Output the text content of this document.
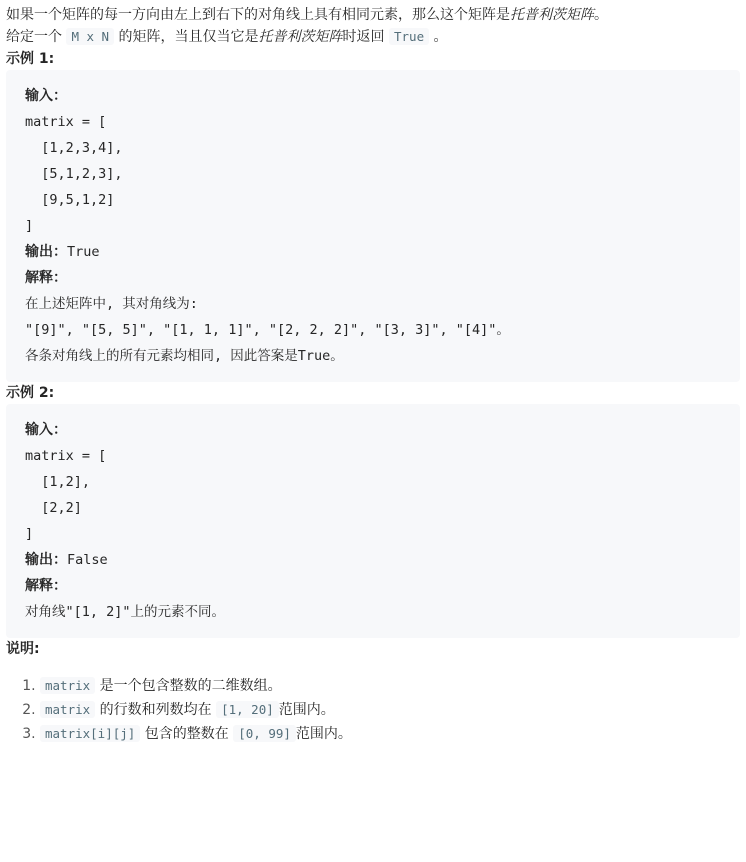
如果一个矩阵的每一方向由左上到右下的对角线上具有相同元素，那么这个矩阵是托普利茨矩阵。

给定一个 M x N 的矩阵，当且仅当它是托普利茨矩阵时返回 True 。

示例 1:
输入：
matrix = [
[1,2,3,4],
[5,1,2,3],
[9,5,1,2]
]
输出：True
解释：
在上述矩阵中, 其对角线为:
"[9]", "[5, 5]", "[1, 1, 1]", "[2, 2, 2]", "[3, 3]", "[4]"。
各条对角线上的所有元素均相同, 因此答案是True。
示例 2:
输入：
matrix = [
[1,2],
[2,2]
]
输出：False
解释：
对角线"[1, 2]"上的元素不同。
说明:
1. matrix 是一个包含整数的二维数组。
2. matrix 的行数和列数均在 [1, 20] 范围内。
3. matrix[i][j] 包含的整数在 [0, 99] 范围内。
